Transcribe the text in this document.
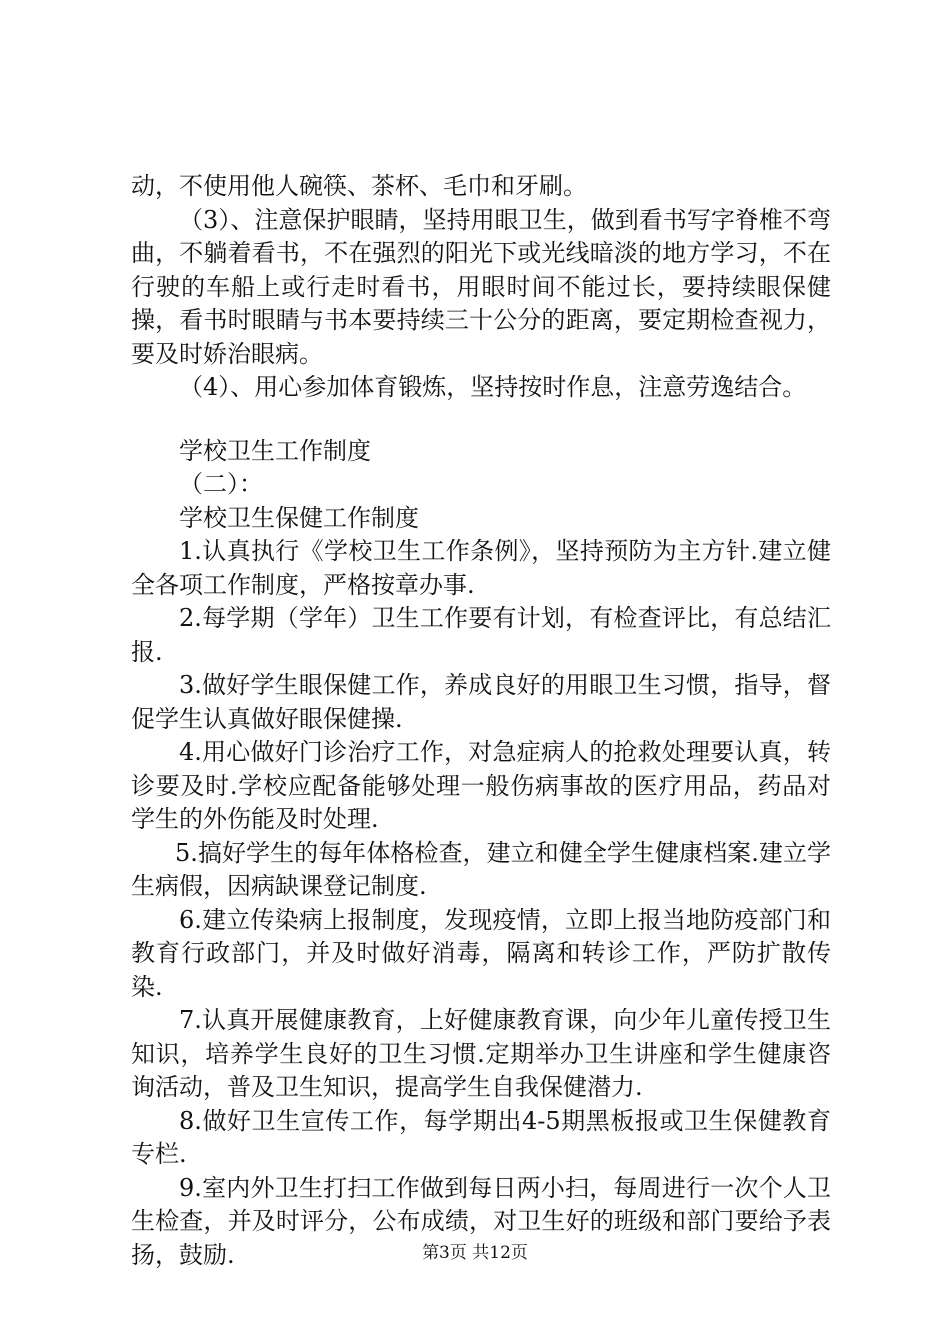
动，不使用他人碗筷、茶杯、毛巾和牙刷。

（3）、注意保护眼睛，坚持用眼卫生，做到看书写字脊椎不弯曲，不躺着看书，不在强烈的阳光下或光线暗淡的地方学习，不在行驶的车船上或行走时看书，用眼时间不能过长，要持续眼保健操，看书时眼睛与书本要持续三十公分的距离，要定期检查视力，要及时娇治眼病。

（4）、用心参加体育锻炼，坚持按时作息，注意劳逸结合。

学校卫生工作制度

（二）：

学校卫生保健工作制度

1.认真执行《学校卫生工作条例》，坚持预防为主方针.建立健全各项工作制度，严格按章办事.

2.每学期（学年）卫生工作要有计划，有检查评比，有总结汇报.

3.做好学生眼保健工作，养成良好的用眼卫生习惯，指导，督促学生认真做好眼保健操.

4.用心做好门诊治疗工作，对急症病人的抢救处理要认真，转诊要及时.学校应配备能够处理一般伤病事故的医疗用品，药品对学生的外伤能及时处理.

5.搞好学生的每年体格检查，建立和健全学生健康档案.建立学生病假，因病缺课登记制度.

6.建立传染病上报制度，发现疫情，立即上报当地防疫部门和教育行政部门，并及时做好消毒，隔离和转诊工作，严防扩散传染.

7.认真开展健康教育，上好健康教育课，向少年儿童传授卫生知识，培养学生良好的卫生习惯.定期举办卫生讲座和学生健康咨询活动，普及卫生知识，提高学生自我保健潜力.

8.做好卫生宣传工作，每学期出4-5期黑板报或卫生保健教育专栏.

9.室内外卫生打扫工作做到每日两小扫，每周进行一次个人卫生检查，并及时评分，公布成绩，对卫生好的班级和部门要给予表扬，鼓励.	第3页 共12页
